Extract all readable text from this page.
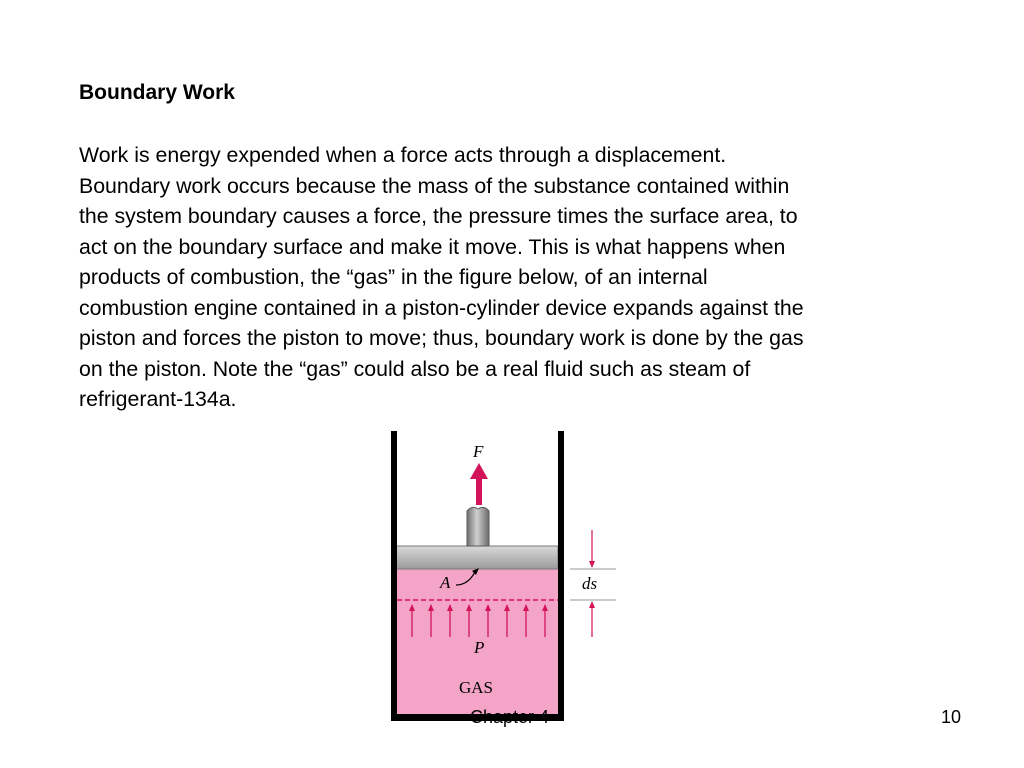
Boundary Work

Work is energy expended when a force acts through a displacement.
Boundary work occurs because the mass of the substance contained within
the system boundary causes a force, the pressure times the surface area, to
act on the boundary surface and make it move. This is what happens when
products of combustion, the “gas” in the figure below, of an internal
combustion engine contained in a piston-cylinder device expands against the
piston and forces the piston to move; thus, boundary work is done by the gas
on the piston. Note the “gas” could also be a real fluid such as steam of
refrigerant-134a.

F
A
P
GAS
ds
Chapter 4	10
